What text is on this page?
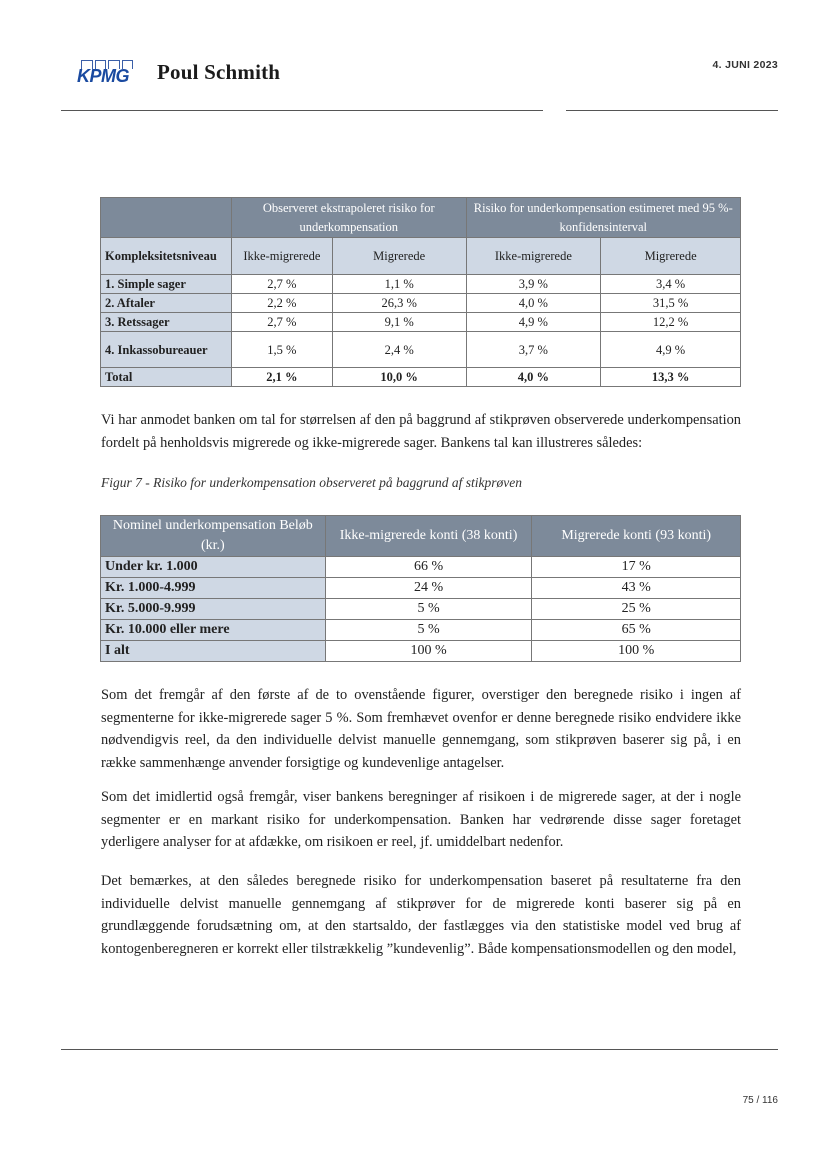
KPMG Poul Schmith	4. JUNI 2023
	Observeret ekstrapoleret risiko for underkompensation		Risiko for underkompensation estimeret med 95 %-konfidensinterval	
Kompleksitetsniveau	Ikke-migrerede	Migrerede	Ikke-migrerede	Migrerede
1. Simple sager	2,7 %	1,1 %	3,9 %	3,4 %
2. Aftaler	2,2 %	26,3 %	4,0 %	31,5 %
3. Retssager	2,7 %	9,1 %	4,9 %	12,2 %
4. Inkassobureauer	1,5 %	2,4 %	3,7 %	4,9 %
Total	2,1 %	10,0 %	4,0 %	13,3 %
Vi har anmodet banken om tal for størrelsen af den på baggrund af stikprøven observerede underkompensation fordelt på henholdsvis migrerede og ikke-migrerede sager. Bankens tal kan illustreres således:
Figur 7 - Risiko for underkompensation observeret på baggrund af stikprøven
Nominel underkompensation Beløb (kr.)	Ikke-migrerede konti (38 konti)	Migrerede konti (93 konti)
Under kr. 1.000	66 %	17 %
Kr. 1.000-4.999	24 %	43 %
Kr. 5.000-9.999	5 %	25 %
Kr. 10.000 eller mere	5 %	65 %
I alt	100 %	100 %
Som det fremgår af den første af de to ovenstående figurer, overstiger den beregnede risiko i ingen af segmenterne for ikke-migrerede sager 5 %. Som fremhævet ovenfor er denne beregnede risiko endvidere ikke nødvendigvis reel, da den individuelle delvist manuelle gennemgang, som stikprøven baserer sig på, i en række sammenhænge anvender forsigtige og kundevenlige antagelser.
Som det imidlertid også fremgår, viser bankens beregninger af risikoen i de migrerede sager, at der i nogle segmenter er en markant risiko for underkompensation. Banken har vedrørende disse sager foretaget yderligere analyser for at afdække, om risikoen er reel, jf. umiddelbart nedenfor.
Det bemærkes, at den således beregnede risiko for underkompensation baseret på resultaterne fra den individuelle delvist manuelle gennemgang af stikprøver for de migrerede konti baserer sig på en grundlæggende forudsætning om, at den startsaldo, der fastlægges via den statistiske model ved brug af kontogenberegneren er korrekt eller tilstrækkelig ”kundevenlig”. Både kompensationsmodellen og den model,
75 / 116
